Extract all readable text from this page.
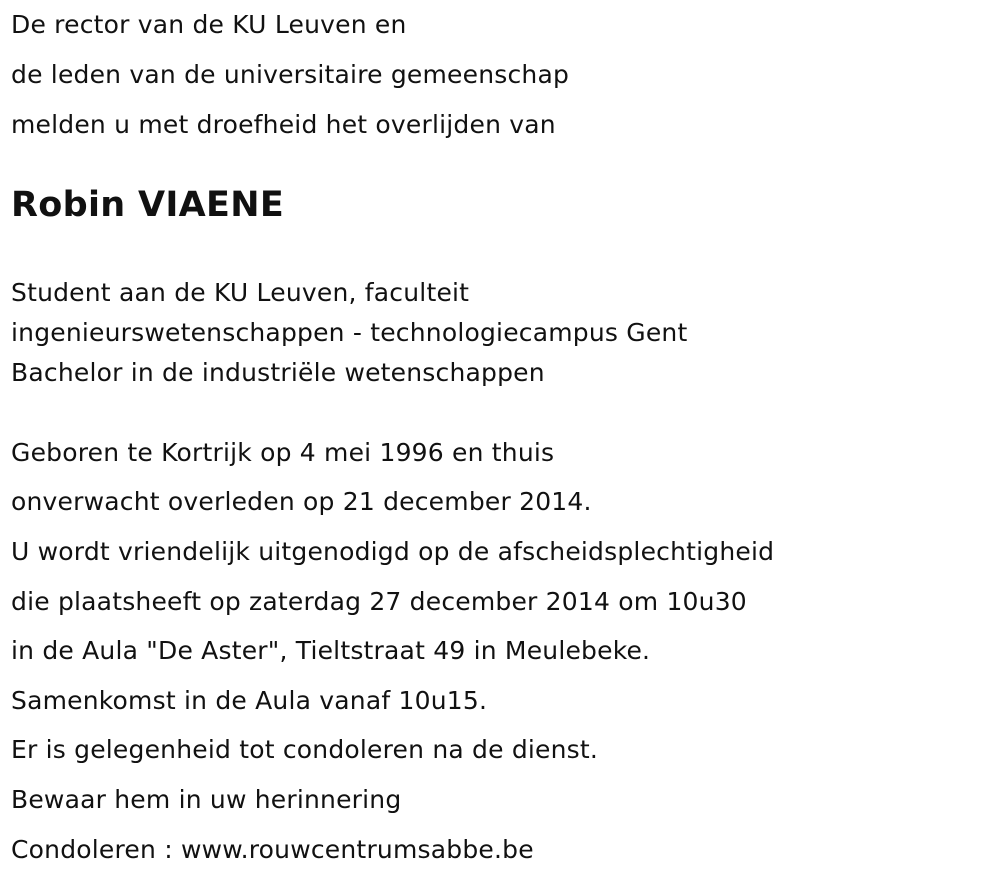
De rector van de KU Leuven en
de leden van de universitaire gemeenschap
melden u met droefheid het overlijden van
Robin VIAENE
Student aan de KU Leuven, faculteit
ingenieurswetenschappen - technologiecampus Gent
Bachelor in de industriële wetenschappen
Geboren te Kortrijk op 4 mei 1996 en thuis
onverwacht overleden op 21 december 2014.
U wordt vriendelijk uitgenodigd op de afscheidsplechtigheid
die plaatsheeft op zaterdag 27 december 2014 om 10u30
in de Aula "De Aster", Tieltstraat 49 in Meulebeke.
Samenkomst in de Aula vanaf 10u15.
Er is gelegenheid tot condoleren na de dienst.
Bewaar hem in uw herinnering
Condoleren : www.rouwcentrumsabbe.be
